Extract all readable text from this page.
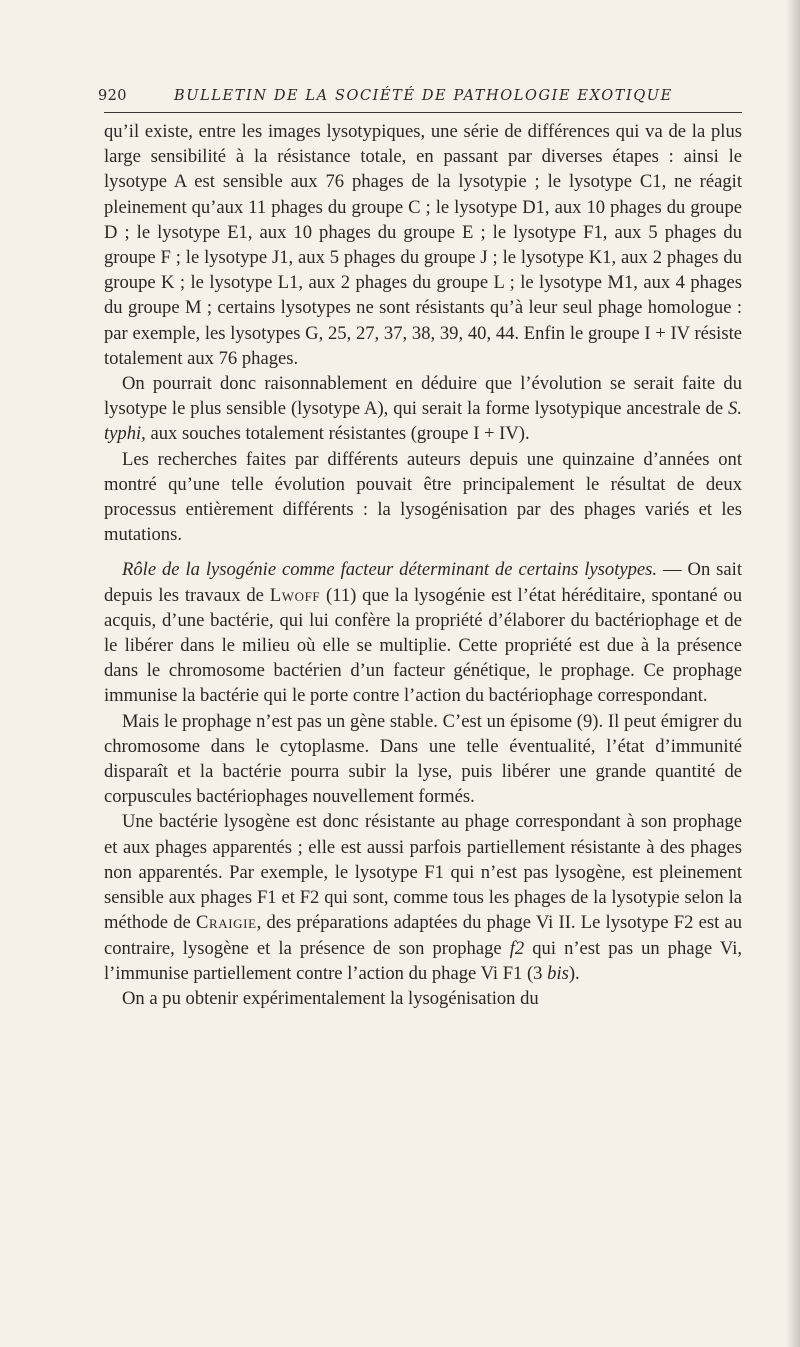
920	BULLETIN DE LA SOCIÉTÉ DE PATHOLOGIE EXOTIQUE

qu’il existe, entre les images lysotypiques, une série de différences qui va de la plus large sensibilité à la résistance totale, en passant par diverses étapes : ainsi le lysotype A est sensible aux 76 phages de la lysotypie ; le lysotype C1, ne réagit pleinement qu’aux 11 phages du groupe C ; le lysotype D1, aux 10 phages du groupe D ; le lysotype E1, aux 10 phages du groupe E ; le lysotype F1, aux 5 phages du groupe F ; le lysotype J1, aux 5 phages du groupe J ; le lysotype K1, aux 2 phages du groupe K ; le lysotype L1, aux 2 phages du groupe L ; le lysotype M1, aux 4 phages du groupe M ; certains lysotypes ne sont résistants qu’à leur seul phage homologue : par exemple, les lysotypes G, 25, 27, 37, 38, 39, 40, 44. Enfin le groupe I + IV résiste totalement aux 76 phages.

On pourrait donc raisonnablement en déduire que l’évolution se serait faite du lysotype le plus sensible (lysotype A), qui serait la forme lysotypique ancestrale de S. typhi, aux souches totalement résistantes (groupe I + IV).

Les recherches faites par différents auteurs depuis une quinzaine d’années ont montré qu’une telle évolution pouvait être principalement le résultat de deux processus entièrement différents : la lysogénisation par des phages variés et les mutations.

Rôle de la lysogénie comme facteur déterminant de certains lysotypes. — On sait depuis les travaux de Lwoff (11) que la lysogénie est l’état héréditaire, spontané ou acquis, d’une bactérie, qui lui confère la propriété d’élaborer du bactériophage et de le libérer dans le milieu où elle se multiplie. Cette propriété est due à la présence dans le chromosome bactérien d’un facteur génétique, le prophage. Ce prophage immunise la bactérie qui le porte contre l’action du bactériophage correspondant.

Mais le prophage n’est pas un gène stable. C’est un épisome (9). Il peut émigrer du chromosome dans le cytoplasme. Dans une telle éventualité, l’état d’immunité disparaît et la bactérie pourra subir la lyse, puis libérer une grande quantité de corpuscules bactériophages nouvellement formés.

Une bactérie lysogène est donc résistante au phage correspondant à son prophage et aux phages apparentés ; elle est aussi parfois partiellement résistante à des phages non apparentés. Par exemple, le lysotype F1 qui n’est pas lysogène, est pleinement sensible aux phages F1 et F2 qui sont, comme tous les phages de la lysotypie selon la méthode de Craigie, des préparations adaptées du phage Vi II. Le lysotype F2 est au contraire, lysogène et la présence de son prophage f2 qui n’est pas un phage Vi, l’immunise partiellement contre l’action du phage Vi F1 (3 bis).

On a pu obtenir expérimentalement la lysogénisation du
